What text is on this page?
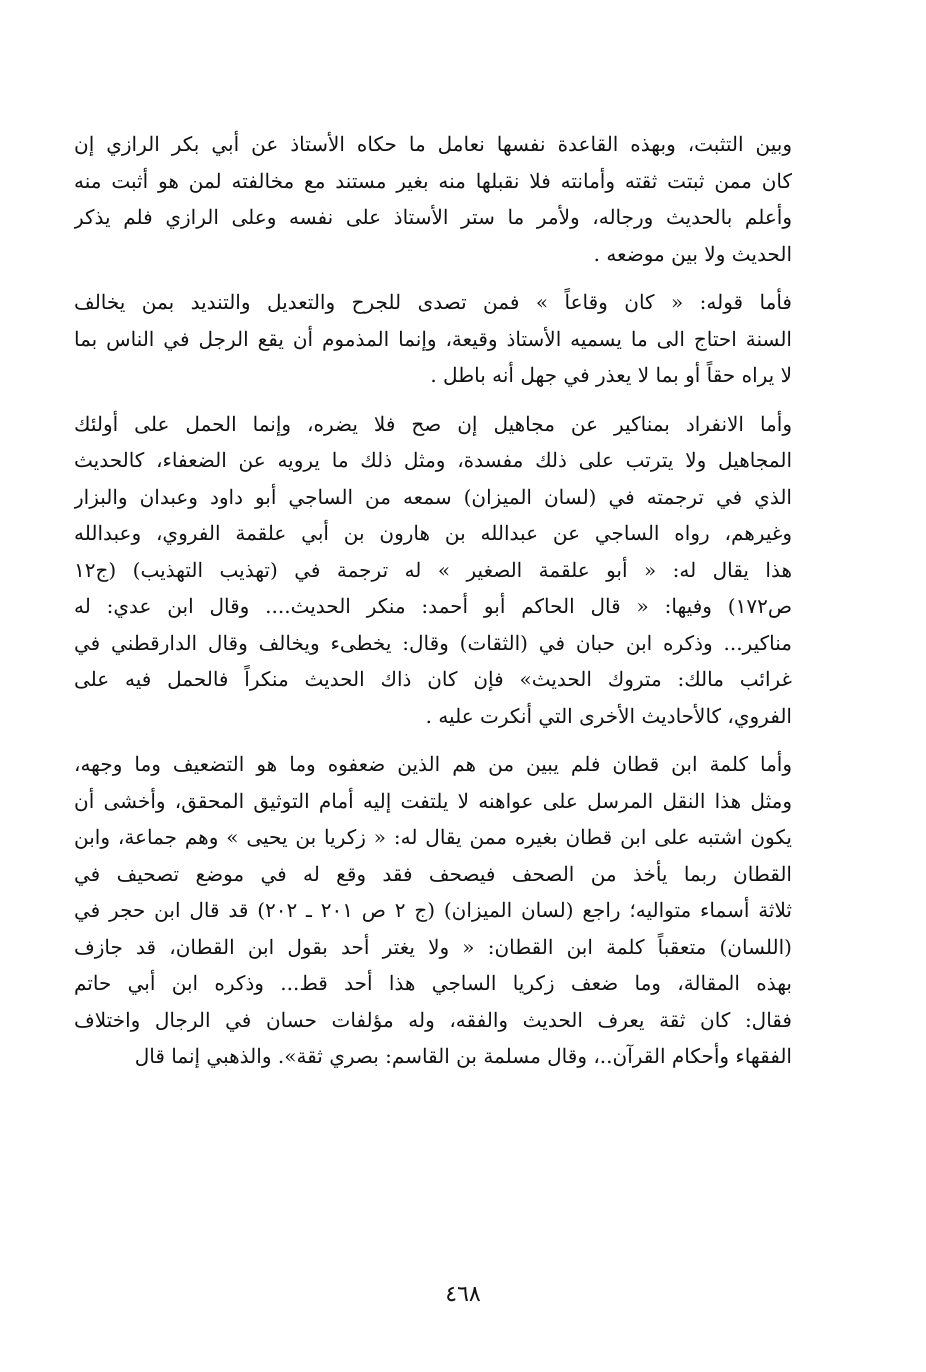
وبين التثبت، وبهذه القاعدة نفسها نعامل ما حكاه الأستاذ عن أبي بكر الرازي إن
كان ممن ثبتت ثقته وأمانته فلا نقبلها منه بغير مستند مع مخالفته لمن هو أثبت منه
وأعلم بالحديث ورجاله، ولأمر ما ستر الأستاذ على نفسه وعلى الرازي فلم يذكر
الحديث ولا بين موضعه .
فأما قوله: « كان وقاعاً » فمن تصدى للجرح والتعديل والتنديد بمن يخالف
السنة احتاج الى ما يسميه الأستاذ وقيعة، وإنما المذموم أن يقع الرجل في الناس بما
لا يراه حقاً أو بما لا يعذر في جهل أنه باطل .
وأما الانفراد بمناكير عن مجاهيل إن صح فلا يضره، وإنما الحمل على أولئك
المجاهيل ولا يترتب على ذلك مفسدة، ومثل ذلك ما يرويه عن الضعفاء، كالحديث
الذي في ترجمته في (لسان الميزان) سمعه من الساجي أبو داود وعبدان والبزار
وغيرهم، رواه الساجي عن عبدالله بن هارون بن أبي علقمة الفروي، وعبدالله
هذا يقال له: « أبو علقمة الصغير » له ترجمة في (تهذيب التهذيب) (ج١٢
ص١٧٢) وفيها: « قال الحاكم أبو أحمد: منكر الحديث.... وقال ابن عدي: له
مناكير... وذكره ابن حبان في (الثقات) وقال: يخطىء ويخالف وقال الدارقطني في
غرائب مالك: متروك الحديث» فإن كان ذاك الحديث منكراً فالحمل فيه على
الفروي، كالأحاديث الأخرى التي أنكرت عليه .
وأما كلمة ابن قطان فلم يبين من هم الذين ضعفوه وما هو التضعيف وما وجهه،
ومثل هذا النقل المرسل على عواهنه لا يلتفت إليه أمام التوثيق المحقق، وأخشى أن
يكون اشتبه على ابن قطان بغيره ممن يقال له: « زكريا بن يحيى » وهم جماعة، وابن
القطان ربما يأخذ من الصحف فيصحف فقد وقع له في موضع تصحيف في
ثلاثة أسماء متواليه؛ راجع (لسان الميزان) (ج ٢ ص ٢٠١ ـ ٢٠٢) قد قال ابن حجر في
(اللسان) متعقباً كلمة ابن القطان: « ولا يغتر أحد بقول ابن القطان، قد جازف
بهذه المقالة، وما ضعف زكريا الساجي هذا أحد قط... وذكره ابن أبي حاتم
فقال: كان ثقة يعرف الحديث والفقه، وله مؤلفات حسان في الرجال واختلاف
الفقهاء وأحكام القرآن..، وقال مسلمة بن القاسم: بصري ثقة». والذهبي إنما قال
٤٦٨
